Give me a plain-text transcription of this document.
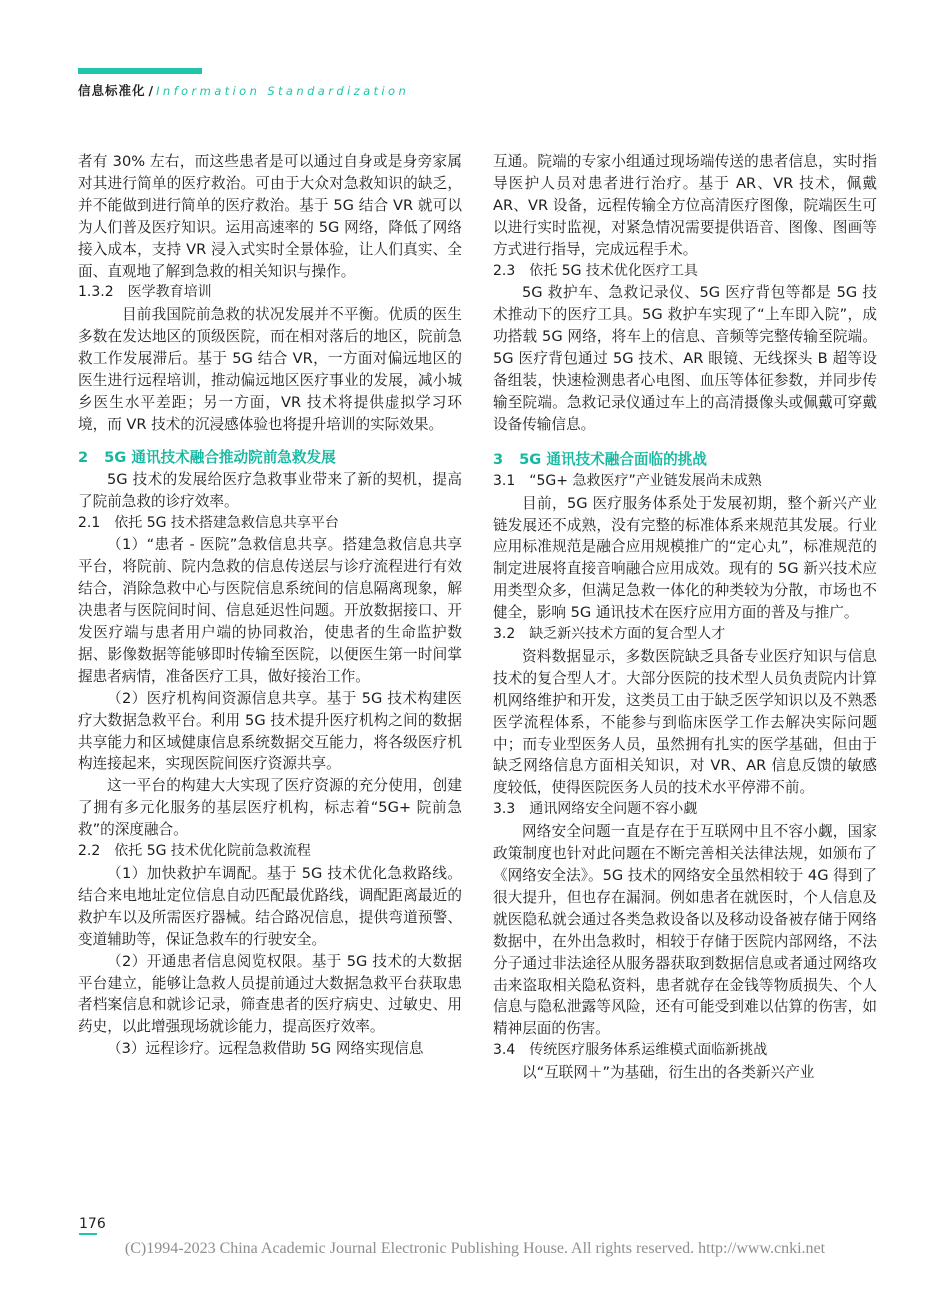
信息标准化 / Information Standardization

者有 30% 左右，而这些患者是可以通过自身或是身旁家属对其进行简单的医疗救治。可由于大众对急救知识的缺乏，并不能做到进行简单的医疗救治。基于 5G 结合 VR 就可以为人们普及医疗知识。运用高速率的 5G 网络，降低了网络接入成本，支持 VR 浸入式实时全景体验，让人们真实、全面、直观地了解到急救的相关知识与操作。

1.3.2　医学教育培训

目前我国院前急救的状况发展并不平衡。优质的医生多数在发达地区的顶级医院，而在相对落后的地区，院前急救工作发展滞后。基于 5G 结合 VR，一方面对偏远地区的医生进行远程培训，推动偏远地区医疗事业的发展，减小城乡医生水平差距；另一方面，VR 技术将提供虚拟学习环境，而 VR 技术的沉浸感体验也将提升培训的实际效果。

2 5G 通讯技术融合推动院前急救发展

5G 技术的发展给医疗急救事业带来了新的契机，提高了院前急救的诊疗效率。

2.1　依托 5G 技术搭建急救信息共享平台

（1）“患者 - 医院”急救信息共享。搭建急救信息共享平台，将院前、院内急救的信息传送层与诊疗流程进行有效结合，消除急救中心与医院信息系统间的信息隔离现象，解决患者与医院间时间、信息延迟性问题。开放数据接口、开发医疗端与患者用户端的协同救治，使患者的生命监护数据、影像数据等能够即时传输至医院，以便医生第一时间掌握患者病情，准备医疗工具，做好接治工作。

（2）医疗机构间资源信息共享。基于 5G 技术构建医疗大数据急救平台。利用 5G 技术提升医疗机构之间的数据共享能力和区域健康信息系统数据交互能力，将各级医疗机构连接起来，实现医院间医疗资源共享。

这一平台的构建大大实现了医疗资源的充分使用，创建了拥有多元化服务的基层医疗机构，标志着“5G+ 院前急救”的深度融合。

2.2　依托 5G 技术优化院前急救流程

（1）加快救护车调配。基于 5G 技术优化急救路线。结合来电地址定位信息自动匹配最优路线，调配距离最近的救护车以及所需医疗器械。结合路况信息，提供弯道预警、变道辅助等，保证急救车的行驶安全。

（2）开通患者信息阅览权限。基于 5G 技术的大数据平台建立，能够让急救人员提前通过大数据急救平台获取患者档案信息和就诊记录，筛查患者的医疗病史、过敏史、用药史，以此增强现场就诊能力，提高医疗效率。

（3）远程诊疗。远程急救借助 5G 网络实现信息

互通。院端的专家小组通过现场端传送的患者信息，实时指导医护人员对患者进行治疗。基于 AR、VR 技术，佩戴 AR、VR 设备，远程传输全方位高清医疗图像，院端医生可以进行实时监视，对紧急情况需要提供语音、图像、图画等方式进行指导，完成远程手术。

2.3　依托 5G 技术优化医疗工具

5G 救护车、急救记录仪、5G 医疗背包等都是 5G 技术推动下的医疗工具。5G 救护车实现了“上车即入院”，成功搭载 5G 网络，将车上的信息、音频等完整传输至院端。5G 医疗背包通过 5G 技术、AR 眼镜、无线探头 B 超等设备组装，快速检测患者心电图、血压等体征参数，并同步传输至院端。急救记录仪通过车上的高清摄像头或佩戴可穿戴设备传输信息。

3 5G 通讯技术融合面临的挑战

3.1　“5G+ 急救医疗”产业链发展尚未成熟

目前，5G 医疗服务体系处于发展初期，整个新兴产业链发展还不成熟，没有完整的标准体系来规范其发展。行业应用标准规范是融合应用规模推广的“定心丸”，标准规范的制定进展将直接音响融合应用成效。现有的 5G 新兴技术应用类型众多，但满足急救一体化的种类较为分散，市场也不健全，影响 5G 通讯技术在医疗应用方面的普及与推广。

3.2　缺乏新兴技术方面的复合型人才

资料数据显示，多数医院缺乏具备专业医疗知识与信息技术的复合型人才。大部分医院的技术型人员负责院内计算机网络维护和开发，这类员工由于缺乏医学知识以及不熟悉医学流程体系，不能参与到临床医学工作去解决实际问题中；而专业型医务人员，虽然拥有扎实的医学基础，但由于缺乏网络信息方面相关知识，对 VR、AR 信息反馈的敏感度较低，使得医院医务人员的技术水平停滞不前。

3.3　通讯网络安全问题不容小觑

网络安全问题一直是存在于互联网中且不容小觑，国家政策制度也针对此问题在不断完善相关法律法规，如颁布了《网络安全法》。5G 技术的网络安全虽然相较于 4G 得到了很大提升，但也存在漏洞。例如患者在就医时，个人信息及就医隐私就会通过各类急救设备以及移动设备被存储于网络数据中，在外出急救时，相较于存储于医院内部网络，不法分子通过非法途径从服务器获取到数据信息或者通过网络攻击来盗取相关隐私资料，患者就存在金钱等物质损失、个人信息与隐私泄露等风险，还有可能受到难以估算的伤害，如精神层面的伤害。

3.4　传统医疗服务体系运维模式面临新挑战

以“互联网＋”为基础，衍生出的各类新兴产业

176
(C)1994-2023 China Academic Journal Electronic Publishing House. All rights reserved. http://www.cnki.net
